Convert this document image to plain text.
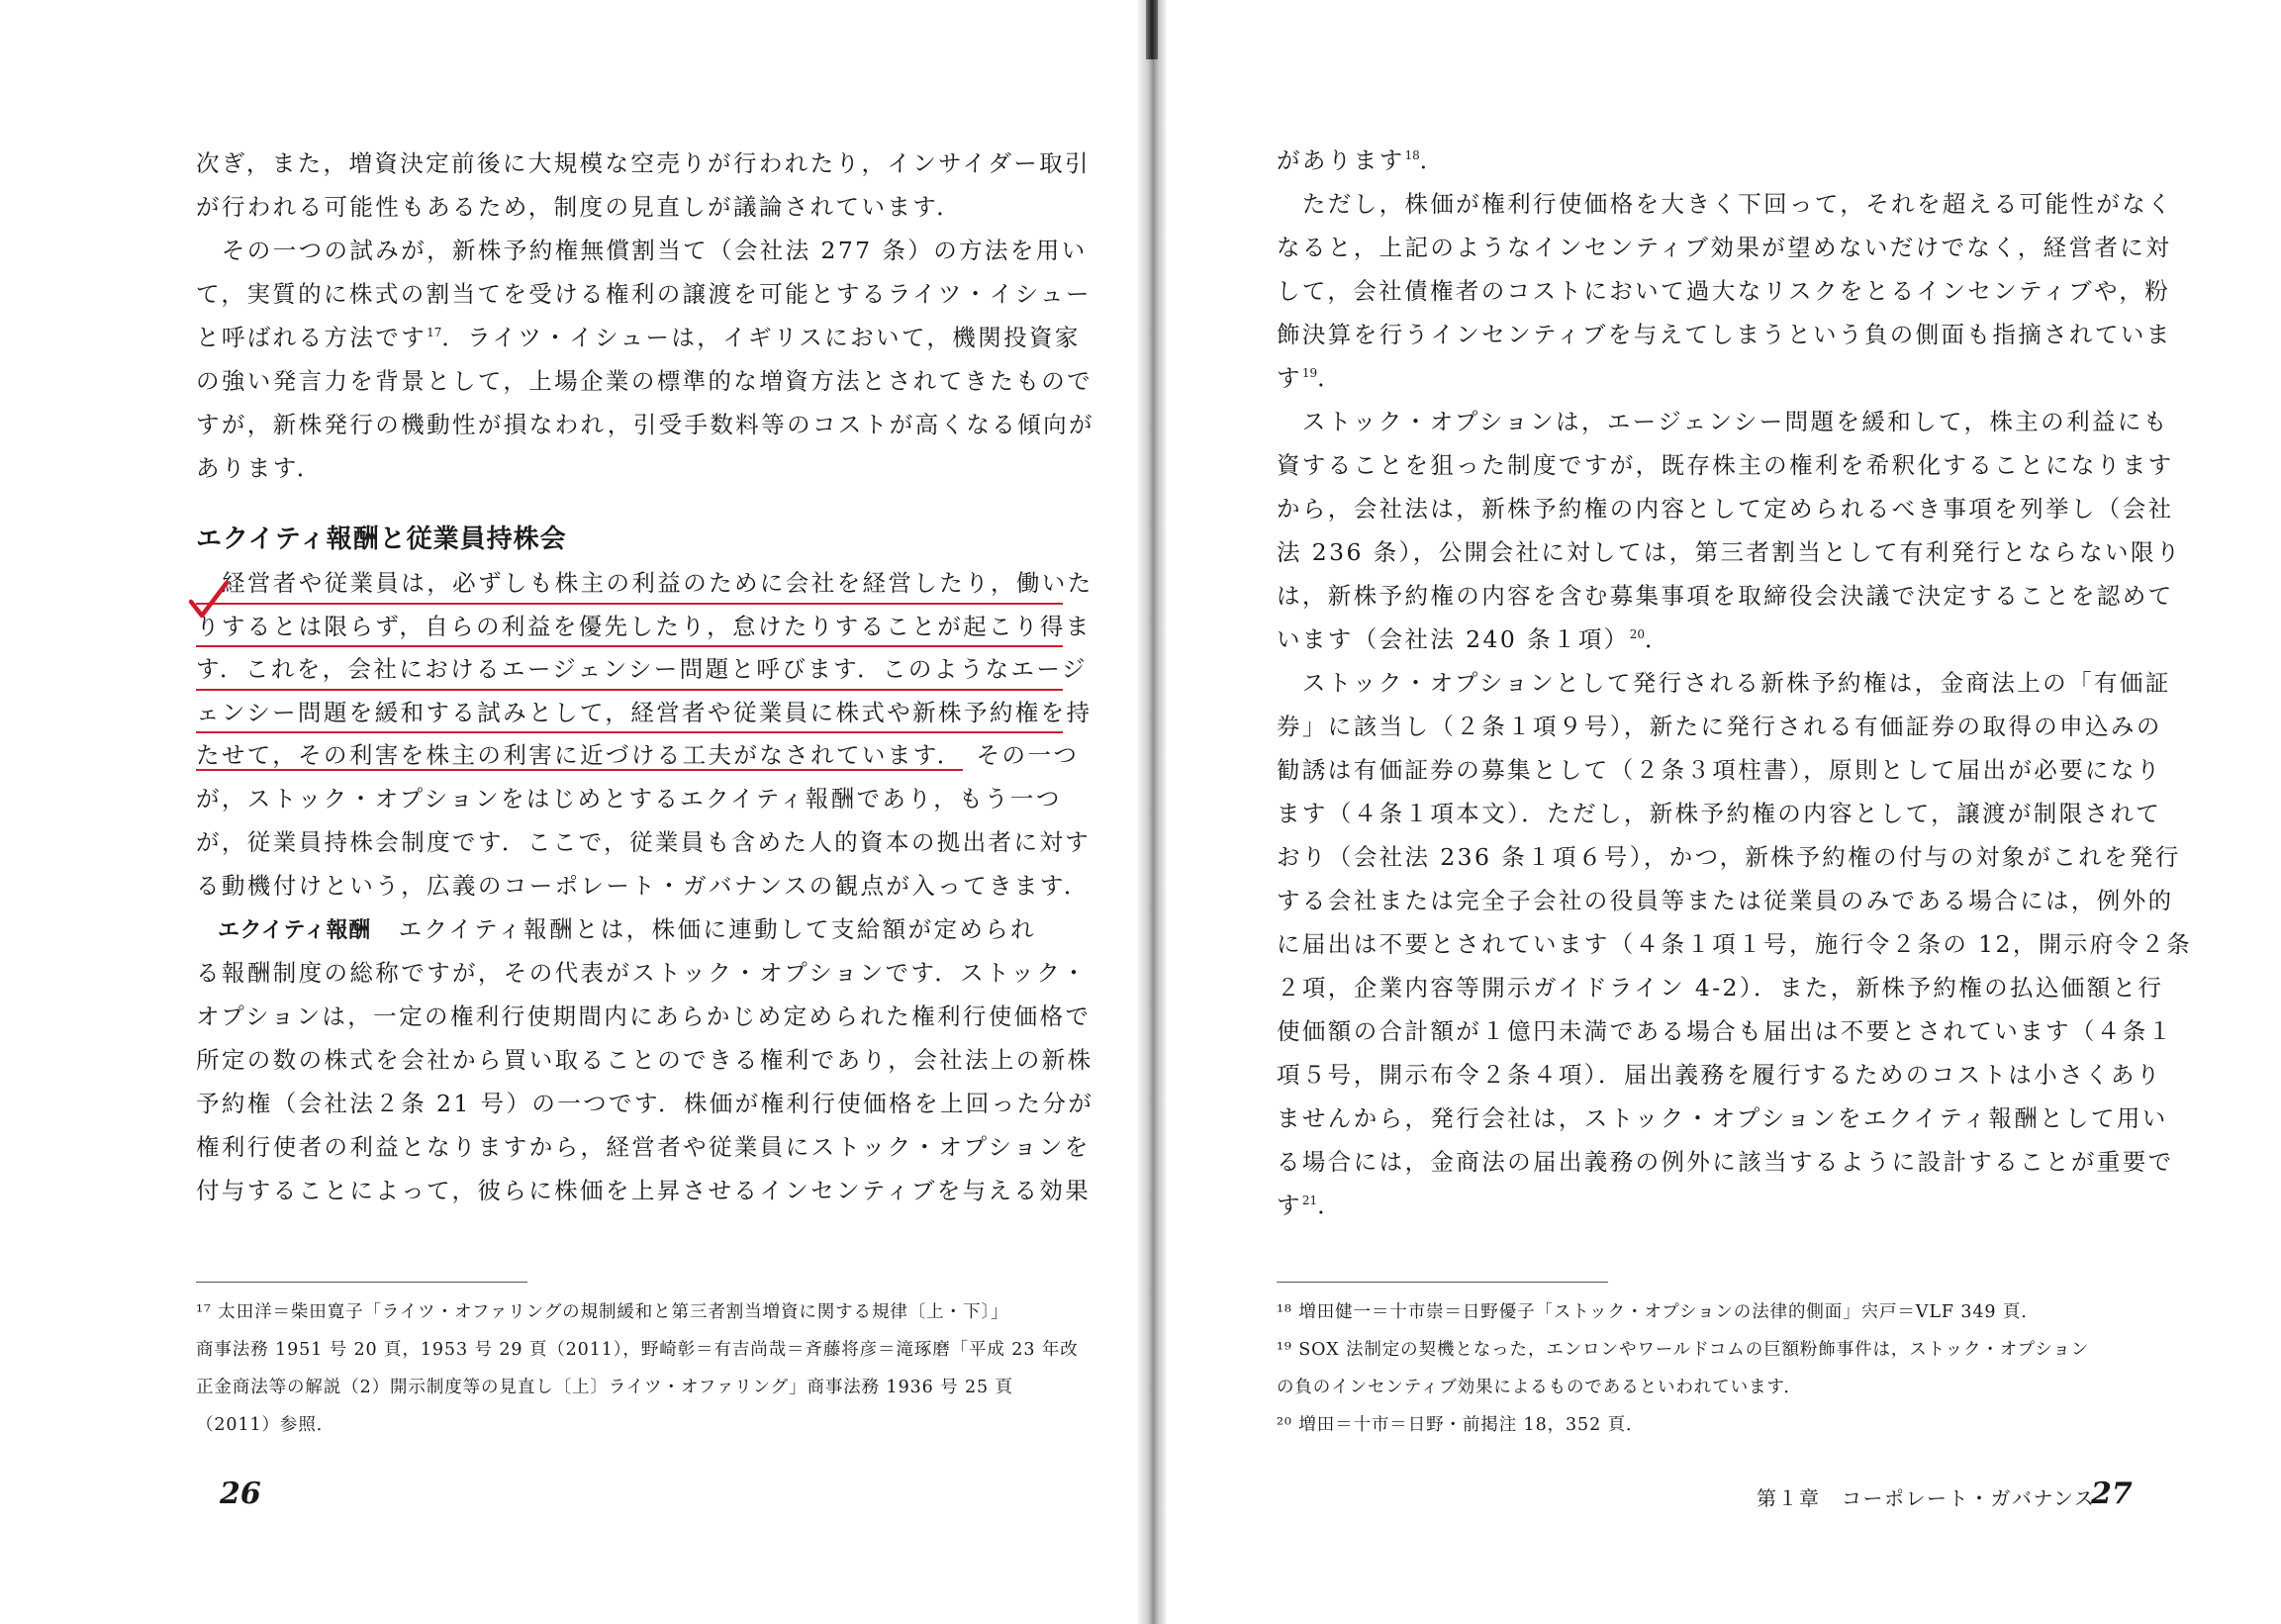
次ぎ，また，増資決定前後に大規模な空売りが行われたり，インサイダー取引
が行われる可能性もあるため，制度の見直しが議論されています．
　その一つの試みが，新株予約権無償割当て（会社法 277 条）の方法を用い
て，実質的に株式の割当てを受ける権利の譲渡を可能とするライツ・イシュー
と呼ばれる方法です$^{17}$．ライツ・イシューは，イギリスにおいて，機関投資家
の強い発言力を背景として，上場企業の標準的な増資方法とされてきたもので
すが，新株発行の機動性が損なわれ，引受手数料等のコストが高くなる傾向が
あります．
エクイティ報酬と従業員持株会
経営者や従業員は，必ずしも株主の利益のために会社を経営したり，働いた
りするとは限らず，自らの利益を優先したり，怠けたりすることが起こり得ま
す．これを，会社におけるエージェンシー問題と呼びます．このようなエージ
ェンシー問題を緩和する試みとして，経営者や従業員に株式や新株予約権を持
たせて，その利害を株主の利害に近づける工夫がなされています． その一つ
が，ストック・オプションをはじめとするエクイティ報酬であり，もう一つ
が，従業員持株会制度です．ここで，従業員も含めた人的資本の拠出者に対す
る動機付けという，広義のコーポレート・ガバナンスの観点が入ってきます．
エクイティ報酬 エクイティ報酬とは，株価に連動して支給額が定められ
る報酬制度の総称ですが，その代表がストック・オプションです．ストック・
オプションは，一定の権利行使期間内にあらかじめ定められた権利行使価格で
所定の数の株式を会社から買い取ることのできる権利であり，会社法上の新株
予約権（会社法２条 21 号）の一つです．株価が権利行使価格を上回った分が
権利行使者の利益となりますから，経営者や従業員にストック・オプションを
付与することによって，彼らに株価を上昇させるインセンティブを与える効果
¹⁷ 太田洋＝柴田寛子「ライツ・オファリングの規制緩和と第三者割当増資に関する規律〔上・下〕」
商事法務 1951 号 20 頁，1953 号 29 頁（2011），野崎彰＝有吉尚哉＝斉藤将彦＝滝琢磨「平成 23 年改
正金商法等の解説（2）開示制度等の見直し〔上〕ライツ・オファリング」商事法務 1936 号 25 頁
（2011）参照．
26
があります$^{18}$．
　ただし，株価が権利行使価格を大きく下回って，それを超える可能性がなく
なると，上記のようなインセンティブ効果が望めないだけでなく，経営者に対
して，会社債権者のコストにおいて過大なリスクをとるインセンティブや，粉
飾決算を行うインセンティブを与えてしまうという負の側面も指摘されていま
す$^{19}$．
　ストック・オプションは，エージェンシー問題を緩和して，株主の利益にも
資することを狙った制度ですが，既存株主の権利を希釈化することになります
から，会社法は，新株予約権の内容として定められるべき事項を列挙し（会社
法 236 条），公開会社に対しては，第三者割当として有利発行とならない限り
は，新株予約権の内容を含む募集事項を取締役会決議で決定することを認めて
います（会社法 240 条１項）$^{20}$．
　ストック・オプションとして発行される新株予約権は，金商法上の「有価証
券」に該当し（２条１項９号），新たに発行される有価証券の取得の申込みの
勧誘は有価証券の募集として（２条３項柱書），原則として届出が必要になり
ます（４条１項本文）．ただし，新株予約権の内容として，譲渡が制限されて
おり（会社法 236 条１項６号），かつ，新株予約権の付与の対象がこれを発行
する会社または完全子会社の役員等または従業員のみである場合には，例外的
に届出は不要とされています（４条１項１号，施行令２条の 12，開示府令２条
２項，企業内容等開示ガイドライン 4-2）．また，新株予約権の払込価額と行
使価額の合計額が１億円未満である場合も届出は不要とされています（４条１
項５号，開示布令２条４項）．届出義務を履行するためのコストは小さくあり
ませんから，発行会社は，ストック・オプションをエクイティ報酬として用い
る場合には，金商法の届出義務の例外に該当するように設計することが重要で
す$^{21}$．
¹⁸ 増田健一＝十市崇＝日野優子「ストック・オプションの法律的側面」宍戸＝VLF 349 頁．
¹⁹ SOX 法制定の契機となった，エンロンやワールドコムの巨額粉飾事件は，ストック・オプション
の負のインセンティブ効果によるものであるといわれています．
²⁰ 増田＝十市＝日野・前掲注 18，352 頁．
第１章　コーポレート・ガバナンス
27
